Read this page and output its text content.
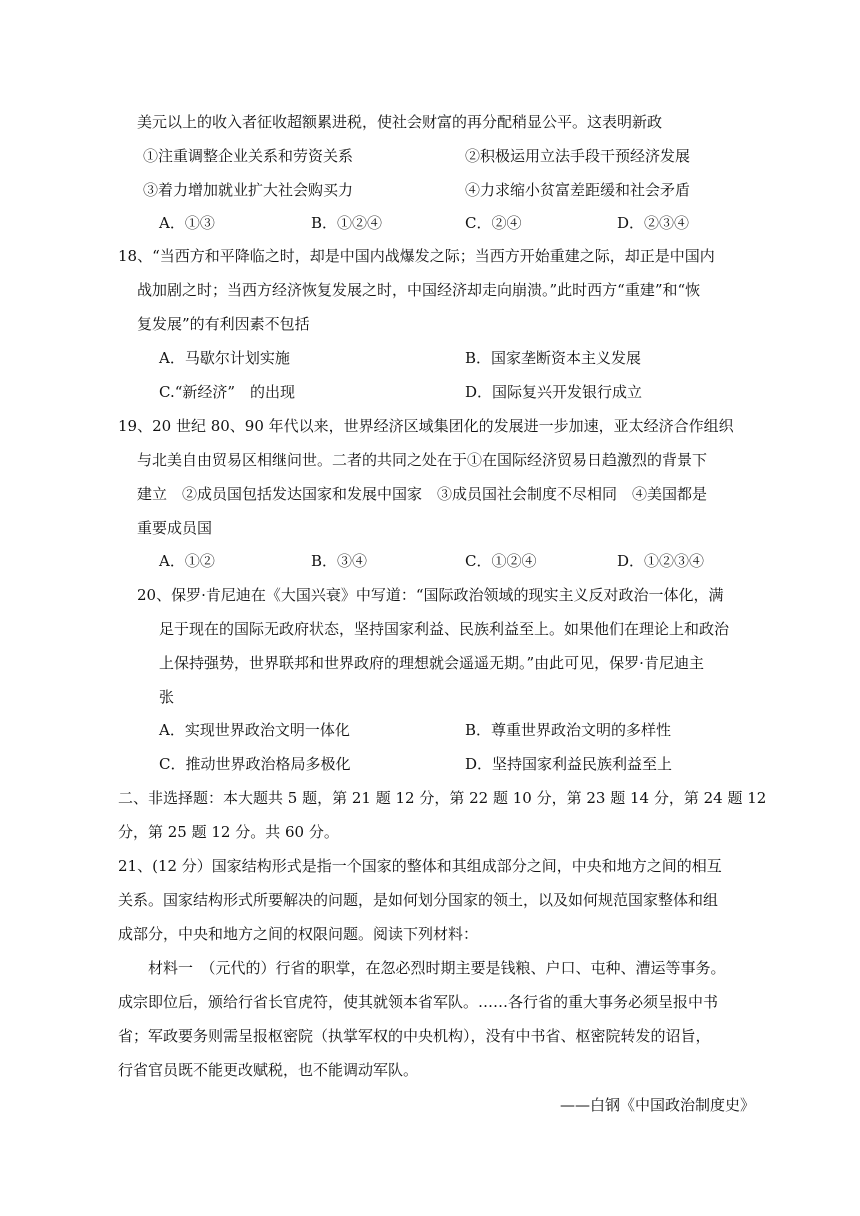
美元以上的收入者征收超额累进税，使社会财富的再分配稍显公平。这表明新政
①注重调整企业关系和劳资关系	②积极运用立法手段干预经济发展
③着力增加就业扩大社会购买力	④力求缩小贫富差距缓和社会矛盾
A．①③	B．①②④	C．②④	D．②③④
18、“当西方和平降临之时，却是中国内战爆发之际；当西方开始重建之际，却正是中国内
战加剧之时；当西方经济恢复发展之时，中国经济却走向崩溃。”此时西方“重建”和“恢
复发展”的有利因素不包括
A．马歇尔计划实施	B．国家垄断资本主义发展
C.“新经济”　的出现	D．国际复兴开发银行成立
19、20 世纪 80、90 年代以来，世界经济区域集团化的发展进一步加速，亚太经济合作组织
与北美自由贸易区相继问世。二者的共同之处在于①在国际经济贸易日趋激烈的背景下
建立　②成员国包括发达国家和发展中国家　③成员国社会制度不尽相同　④美国都是
重要成员国
A．①②	B．③④	C．①②④	D．①②③④
20、保罗·肯尼迪在《大国兴衰》中写道：“国际政治领域的现实主义反对政治一体化，满
足于现在的国际无政府状态，坚持国家利益、民族利益至上。如果他们在理论上和政治
上保持强势，世界联邦和世界政府的理想就会遥遥无期。”由此可见，保罗·肯尼迪主
张
A．实现世界政治文明一体化	B．尊重世界政治文明的多样性
C．推动世界政治格局多极化	D．坚持国家利益民族利益至上
二、非选择题：本大题共 5 题，第 21 题 12 分，第 22 题 10 分，第 23 题 14 分，第 24 题 12
分，第 25 题 12 分。共 60 分。
21、(12 分）国家结构形式是指一个国家的整体和其组成部分之间，中央和地方之间的相互
关系。国家结构形式所要解决的问题，是如何划分国家的领土，以及如何规范国家整体和组
成部分，中央和地方之间的权限问题。阅读下列材料：
材料一　（元代的）行省的职掌，在忽必烈时期主要是钱粮、户口、屯种、漕运等事务。
成宗即位后，颁给行省长官虎符，使其就领本省军队。……各行省的重大事务必须呈报中书
省；军政要务则需呈报枢密院（执掌军权的中央机构），没有中书省、枢密院转发的诏旨，
行省官员既不能更改赋税，也不能调动军队。
——白钢《中国政治制度史》
